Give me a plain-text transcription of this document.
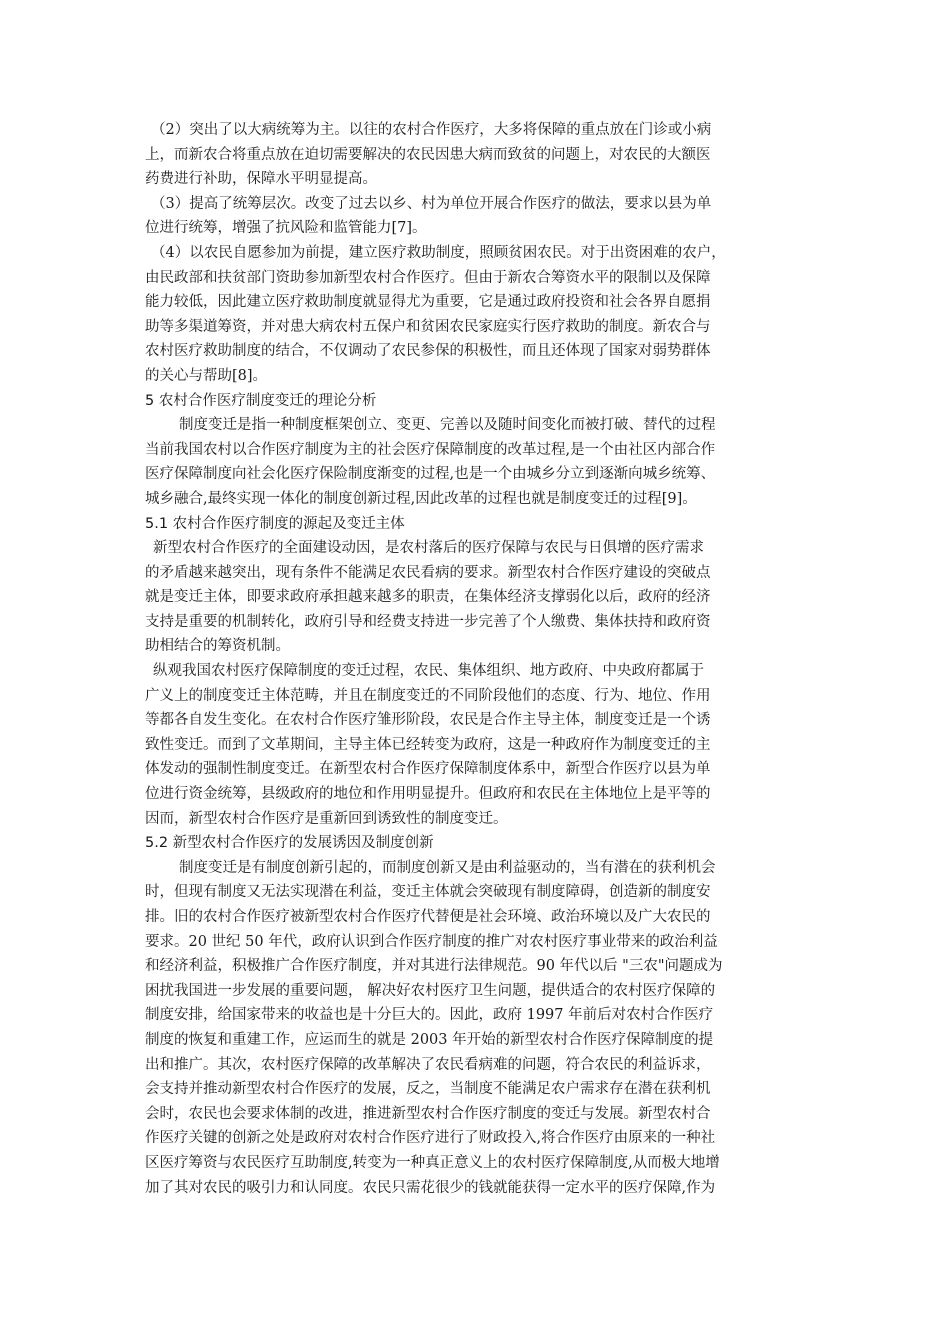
（2）突出了以大病统筹为主。以往的农村合作医疗，大多将保障的重点放在门诊或小病
上，而新农合将重点放在迫切需要解决的农民因患大病而致贫的问题上，对农民的大额医
药费进行补助，保障水平明显提高。

（3）提高了统筹层次。改变了过去以乡、村为单位开展合作医疗的做法，要求以县为单
位进行统筹，增强了抗风险和监管能力[7]。

（4）以农民自愿参加为前提，建立医疗救助制度，照顾贫困农民。对于出资困难的农户，
由民政部和扶贫部门资助参加新型农村合作医疗。但由于新农合筹资水平的限制以及保障
能力较低，因此建立医疗救助制度就显得尤为重要，它是通过政府投资和社会各界自愿捐
助等多渠道筹资，并对患大病农村五保户和贫困农民家庭实行医疗救助的制度。新农合与
农村医疗救助制度的结合，不仅调动了农民参保的积极性，而且还体现了国家对弱势群体
的关心与帮助[8]。

5 农村合作医疗制度变迁的理论分析

制度变迁是指一种制度框架创立、变更、完善以及随时间变化而被打破、替代的过程

当前我国农村以合作医疗制度为主的社会医疗保障制度的改革过程,是一个由社区内部合作
医疗保障制度向社会化医疗保险制度渐变的过程,也是一个由城乡分立到逐渐向城乡统筹、
城乡融合,最终实现一体化的制度创新过程,因此改革的过程也就是制度变迁的过程[9]。

5.1 农村合作医疗制度的源起及变迁主体

新型农村合作医疗的全面建设动因，是农村落后的医疗保障与农民与日俱增的医疗需求

的矛盾越来越突出，现有条件不能满足农民看病的要求。新型农村合作医疗建设的突破点
就是变迁主体，即要求政府承担越来越多的职责，在集体经济支撑弱化以后，政府的经济
支持是重要的机制转化，政府引导和经费支持进一步完善了个人缴费、集体扶持和政府资
助相结合的筹资机制。

纵观我国农村医疗保障制度的变迁过程，农民、集体组织、地方政府、中央政府都属于

广义上的制度变迁主体范畴，并且在制度变迁的不同阶段他们的态度、行为、地位、作用
等都各自发生变化。在农村合作医疗雏形阶段，农民是合作主导主体，制度变迁是一个诱
致性变迁。而到了文革期间，主导主体已经转变为政府，这是一种政府作为制度变迁的主
体发动的强制性制度变迁。在新型农村合作医疗保障制度体系中，新型合作医疗以县为单
位进行资金统筹，县级政府的地位和作用明显提升。但政府和农民在主体地位上是平等的
因而，新型农村合作医疗是重新回到诱致性的制度变迁。

5.2 新型农村合作医疗的发展诱因及制度创新

制度变迁是有制度创新引起的，而制度创新又是由利益驱动的，当有潜在的获利机会

时，但现有制度又无法实现潜在利益，变迁主体就会突破现有制度障碍，创造新的制度安
排。旧的农村合作医疗被新型农村合作医疗代替便是社会环境、政治环境以及广大农民的
要求。20 世纪 50 年代，政府认识到合作医疗制度的推广对农村医疗事业带来的政治利益
和经济利益，积极推广合作医疗制度，并对其进行法律规范。90 年代以后 "三农"问题成为
困扰我国进一步发展的重要问题， 解决好农村医疗卫生问题，提供适合的农村医疗保障的
制度安排，给国家带来的收益也是十分巨大的。因此，政府 1997 年前后对农村合作医疗
制度的恢复和重建工作，应运而生的就是 2003 年开始的新型农村合作医疗保障制度的提
出和推广。其次，农村医疗保障的改革解决了农民看病难的问题，符合农民的利益诉求，
会支持并推动新型农村合作医疗的发展，反之，当制度不能满足农户需求存在潜在获利机
会时，农民也会要求体制的改进，推进新型农村合作医疗制度的变迁与发展。新型农村合
作医疗关键的创新之处是政府对农村合作医疗进行了财政投入,将合作医疗由原来的一种社
区医疗筹资与农民医疗互助制度,转变为一种真正意义上的农村医疗保障制度,从而极大地增
加了其对农民的吸引力和认同度。农民只需花很少的钱就能获得一定水平的医疗保障,作为
